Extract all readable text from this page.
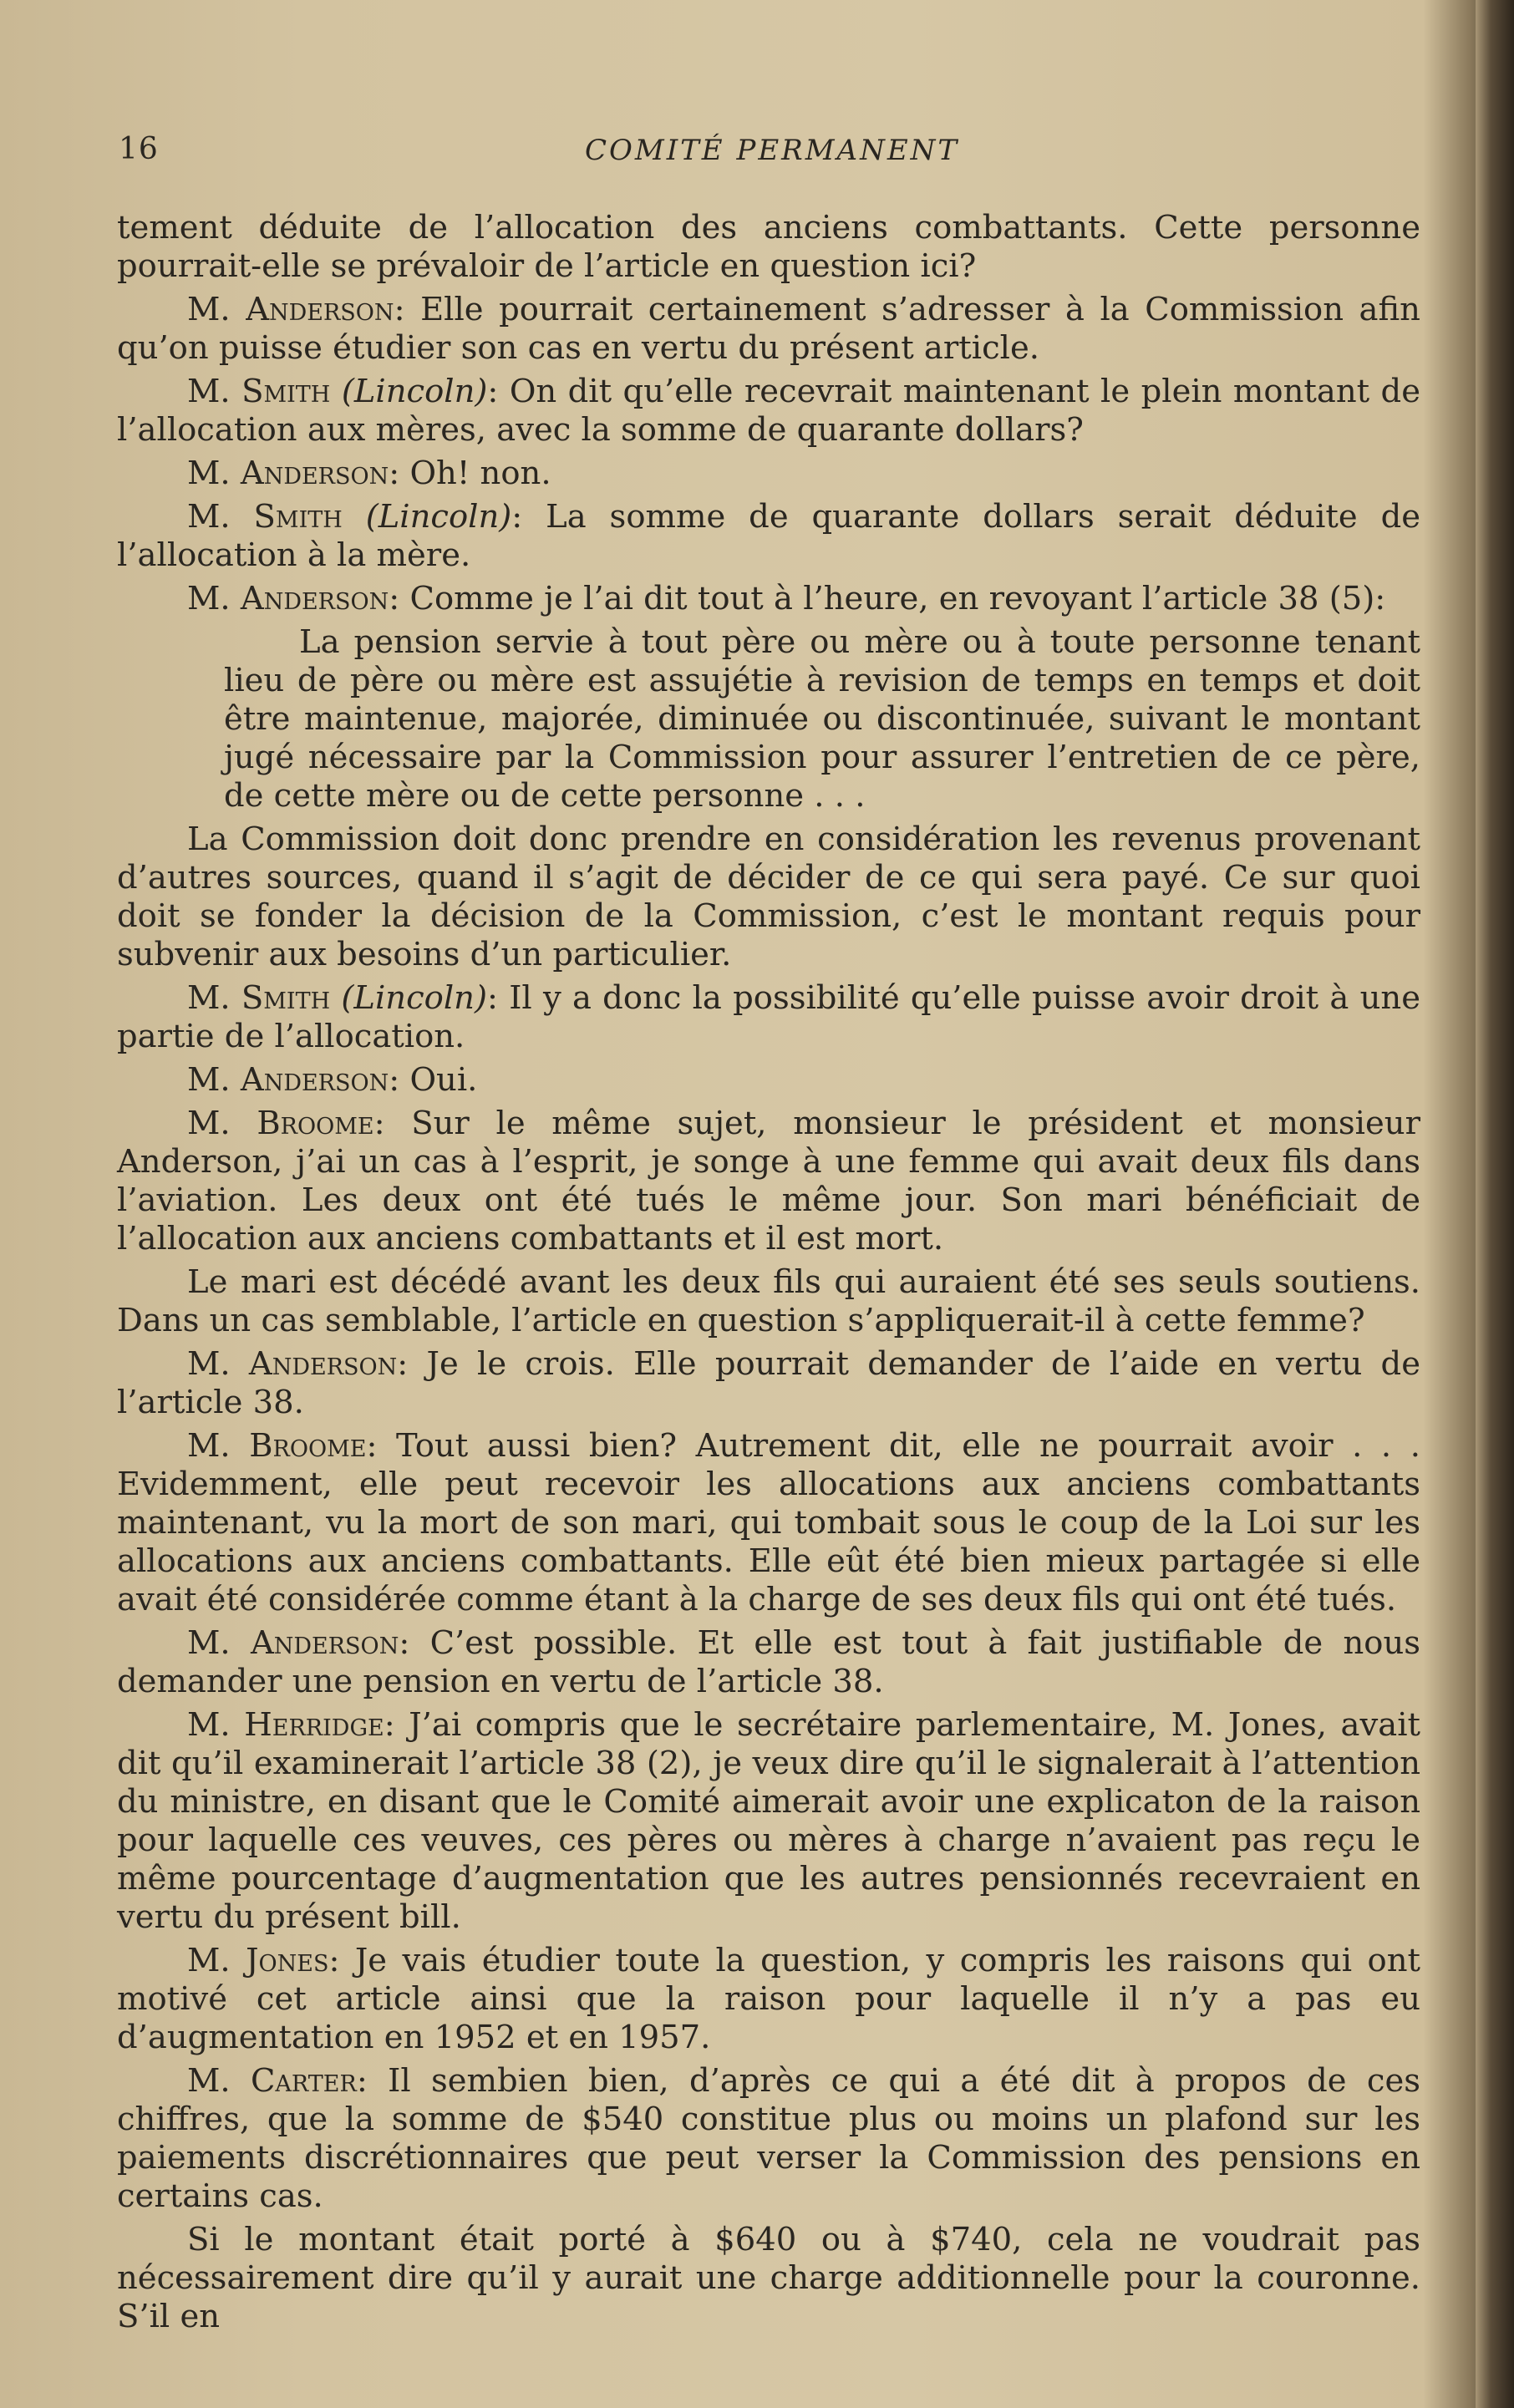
16	COMITÉ PERMANENT

tement déduite de l’allocation des anciens combattants. Cette personne pourrait-elle se prévaloir de l’article en question ici?

M. Anderson: Elle pourrait certainement s’adresser à la Commission afin qu’on puisse étudier son cas en vertu du présent article.

M. Smith (Lincoln): On dit qu’elle recevrait maintenant le plein montant de l’allocation aux mères, avec la somme de quarante dollars?

M. Anderson: Oh! non.

M. Smith (Lincoln): La somme de quarante dollars serait déduite de l’allocation à la mère.

M. Anderson: Comme je l’ai dit tout à l’heure, en revoyant l’article 38 (5):

La pension servie à tout père ou mère ou à toute personne tenant lieu de père ou mère est assujétie à revision de temps en temps et doit être maintenue, majorée, diminuée ou discontinuée, suivant le montant jugé nécessaire par la Commission pour assurer l’entretien de ce père, de cette mère ou de cette personne . . .

La Commission doit donc prendre en considération les revenus provenant d’autres sources, quand il s’agit de décider de ce qui sera payé. Ce sur quoi doit se fonder la décision de la Commission, c’est le montant requis pour subvenir aux besoins d’un particulier.

M. Smith (Lincoln): Il y a donc la possibilité qu’elle puisse avoir droit à une partie de l’allocation.

M. Anderson: Oui.

M. Broome: Sur le même sujet, monsieur le président et monsieur Anderson, j’ai un cas à l’esprit, je songe à une femme qui avait deux fils dans l’aviation. Les deux ont été tués le même jour. Son mari bénéficiait de l’allocation aux anciens combattants et il est mort.

Le mari est décédé avant les deux fils qui auraient été ses seuls soutiens. Dans un cas semblable, l’article en question s’appliquerait-il à cette femme?

M. Anderson: Je le crois. Elle pourrait demander de l’aide en vertu de l’article 38.

M. Broome: Tout aussi bien? Autrement dit, elle ne pourrait avoir . . . Evidemment, elle peut recevoir les allocations aux anciens combattants maintenant, vu la mort de son mari, qui tombait sous le coup de la Loi sur les allocations aux anciens combattants. Elle eût été bien mieux partagée si elle avait été considérée comme étant à la charge de ses deux fils qui ont été tués.

M. Anderson: C’est possible. Et elle est tout à fait justifiable de nous demander une pension en vertu de l’article 38.

M. Herridge: J’ai compris que le secrétaire parlementaire, M. Jones, avait dit qu’il examinerait l’article 38 (2), je veux dire qu’il le signalerait à l’attention du ministre, en disant que le Comité aimerait avoir une explicaton de la raison pour laquelle ces veuves, ces pères ou mères à charge n’avaient pas reçu le même pourcentage d’augmentation que les autres pensionnés recevraient en vertu du présent bill.

M. Jones: Je vais étudier toute la question, y compris les raisons qui ont motivé cet article ainsi que la raison pour laquelle il n’y a pas eu d’augmentation en 1952 et en 1957.

M. Carter: Il sembien bien, d’après ce qui a été dit à propos de ces chiffres, que la somme de $540 constitue plus ou moins un plafond sur les paiements discrétionnaires que peut verser la Commission des pensions en certains cas.

Si le montant était porté à $640 ou à $740, cela ne voudrait pas nécessairement dire qu’il y aurait une charge additionnelle pour la couronne. S’il en
